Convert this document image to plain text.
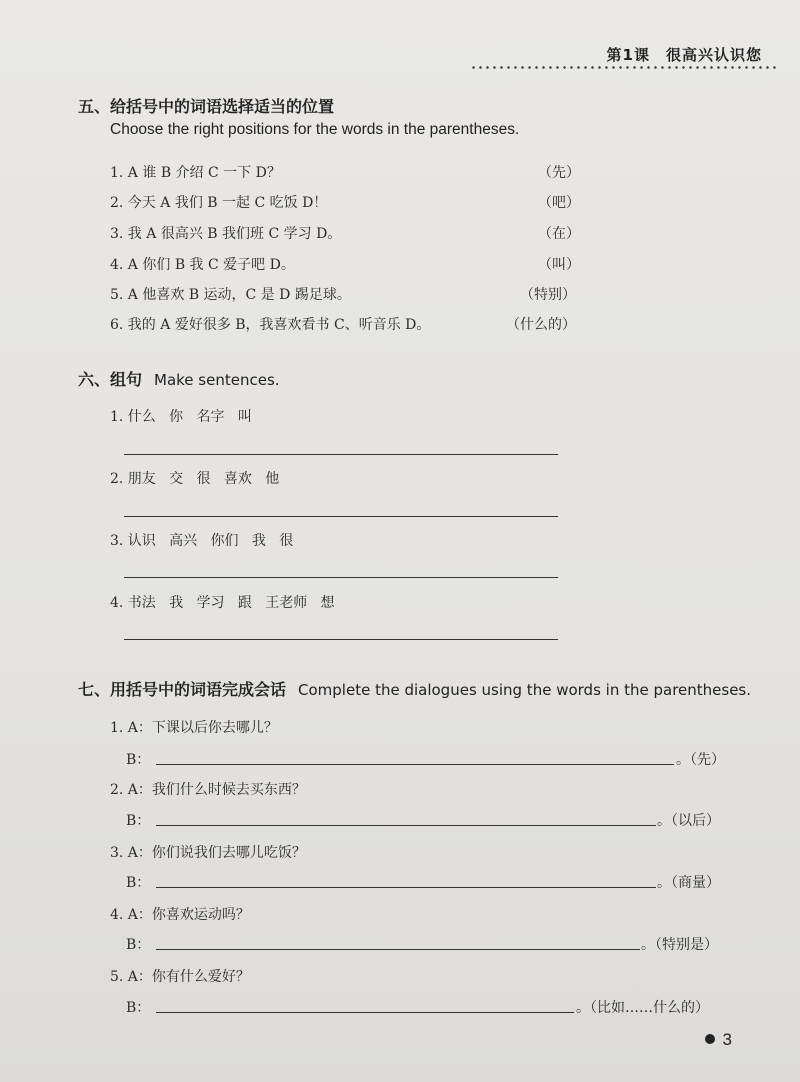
第1课 很高兴认识您
五、给括号中的词语选择适当的位置
Choose the right positions for the words in the parentheses.
1. A 谁 B 介绍 C 一下 D？	（先）
2. 今天 A 我们 B 一起 C 吃饭 D！	（吧）
3. 我 A 很高兴 B 我们班 C 学习 D。	（在）
4. A 你们 B 我 C 爱子吧 D。	（叫）
5. A 他喜欢 B 运动，C 是 D 踢足球。	（特别）
6. 我的 A 爱好很多 B，我喜欢看书 C、听音乐 D。	（什么的）
六、组句 Make sentences.
1. 什么   你   名字   叫
2. 朋友   交   很   喜欢   他
3. 认识   高兴   你们   我   很
4. 书法   我   学习   跟   王老师   想
七、用括号中的词语完成会话 Complete the dialogues using the words in the parentheses.
1. A：下课以后你去哪儿？
B：	。（先）
2. A：我们什么时候去买东西？
B：	。（以后）
3. A：你们说我们去哪儿吃饭？
B：	。（商量）
4. A：你喜欢运动吗？
B：	。（特别是）
5. A：你有什么爱好？
B：	。（比如……什么的）
3
